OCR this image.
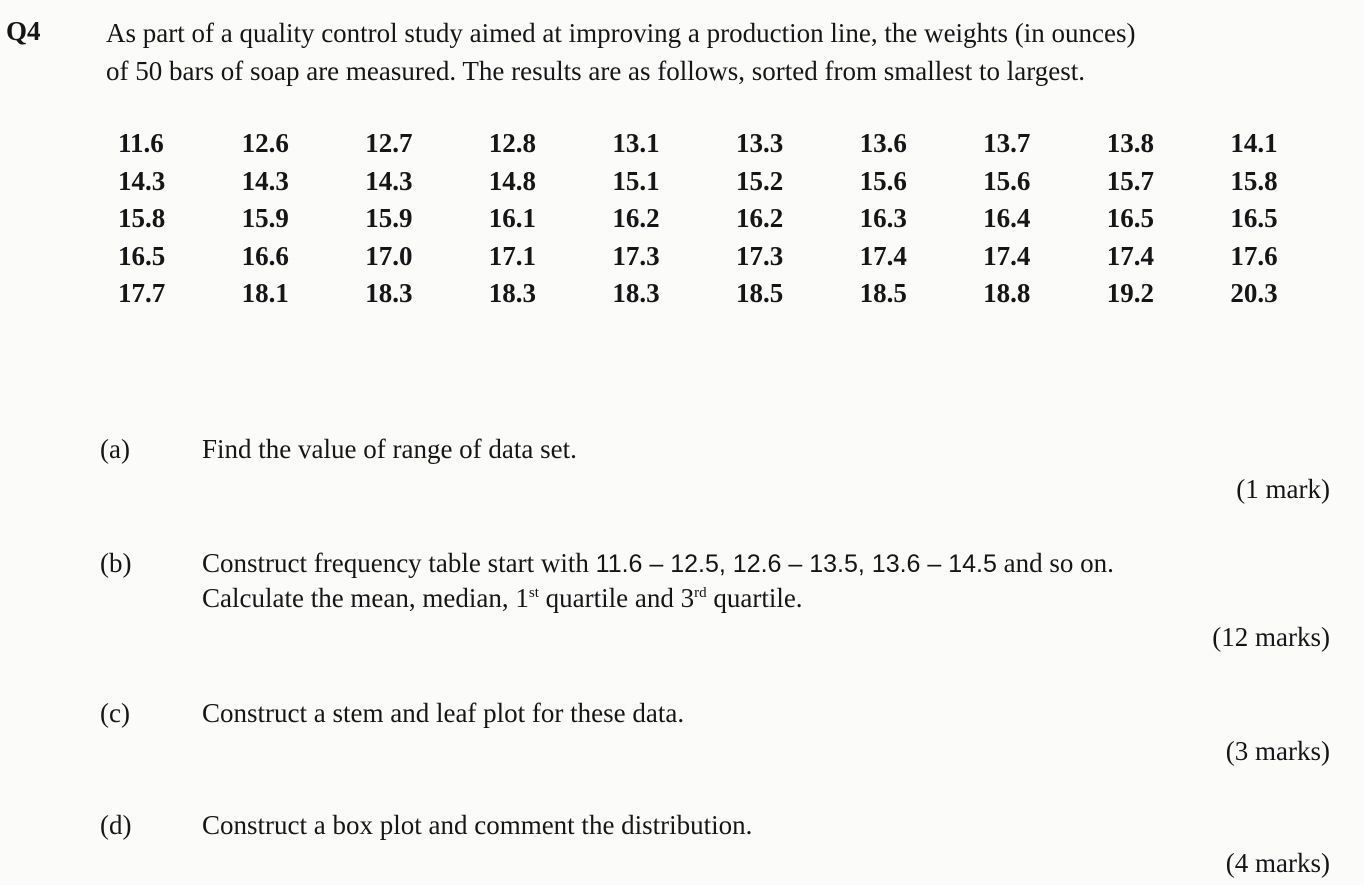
Q4 As part of a quality control study aimed at improving a production line, the weights (in ounces)
of 50 bars of soap are measured. The results are as follows, sorted from smallest to largest.
11.6	12.6	12.7	12.8	13.1	13.3	13.6	13.7	13.8	14.1
14.3	14.3	14.3	14.8	15.1	15.2	15.6	15.6	15.7	15.8
15.8	15.9	15.9	16.1	16.2	16.2	16.3	16.4	16.5	16.5
16.5	16.6	17.0	17.1	17.3	17.3	17.4	17.4	17.4	17.6
17.7	18.1	18.3	18.3	18.3	18.5	18.5	18.8	19.2	20.3
(a)	Find the value of range of data set.
(1 mark)
(b)	Construct frequency table start with 11.6 – 12.5, 12.6 – 13.5, 13.6 – 14.5 and so on.
Calculate the mean, median, 1st quartile and 3rd quartile.
(12 marks)
(c)	Construct a stem and leaf plot for these data.
(3 marks)
(d)	Construct a box plot and comment the distribution.
(4 marks)
